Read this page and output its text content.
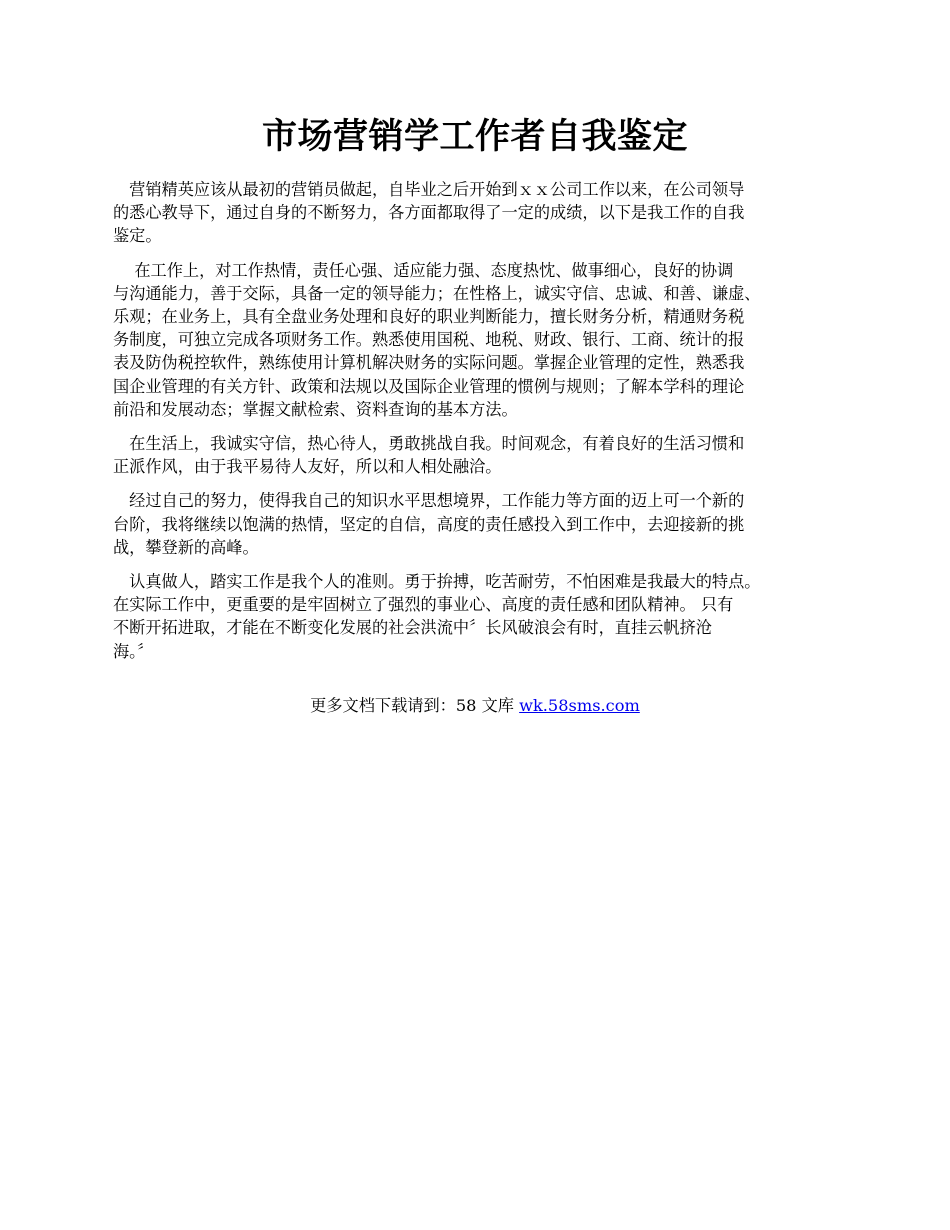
市场营销学工作者自我鉴定

　营销精英应该从最初的营销员做起，自毕业之后开始到ｘｘ公司工作以来，在公司领导
的悉心教导下，通过自身的不断努力，各方面都取得了一定的成绩，以下是我工作的自我
鉴定。

　 在工作上，对工作热情，责任心强、适应能力强、态度热忱、做事细心，良好的协调
与沟通能力，善于交际，具备一定的领导能力；在性格上，诚实守信、忠诚、和善、谦虚、
乐观；在业务上，具有全盘业务处理和良好的职业判断能力，擅长财务分析，精通财务税
务制度，可独立完成各项财务工作。熟悉使用国税、地税、财政、银行、工商、统计的报
表及防伪税控软件，熟练使用计算机解决财务的实际问题。掌握企业管理的定性，熟悉我
国企业管理的有关方针、政策和法规以及国际企业管理的惯例与规则；了解本学科的理论
前沿和发展动态；掌握文献检索、资料查询的基本方法。

　在生活上，我诚实守信，热心待人，勇敢挑战自我。时间观念，有着良好的生活习惯和
正派作风，由于我平易待人友好，所以和人相处融洽。

　经过自己的努力，使得我自己的知识水平思想境界，工作能力等方面的迈上可一个新的
台阶，我将继续以饱满的热情，坚定的自信，高度的责任感投入到工作中，去迎接新的挑
战，攀登新的高峰。

　认真做人，踏实工作是我个人的准则。勇于拚搏，吃苦耐劳，不怕困难是我最大的特点。
在实际工作中，更重要的是牢固树立了强烈的事业心、高度的责任感和团队精神。 只有
不断开拓进取，才能在不断变化发展的社会洪流中〞长风破浪会有时，直挂云帆挤沧
海。〞

更多文档下载请到：58 文库 wk.58sms.com
